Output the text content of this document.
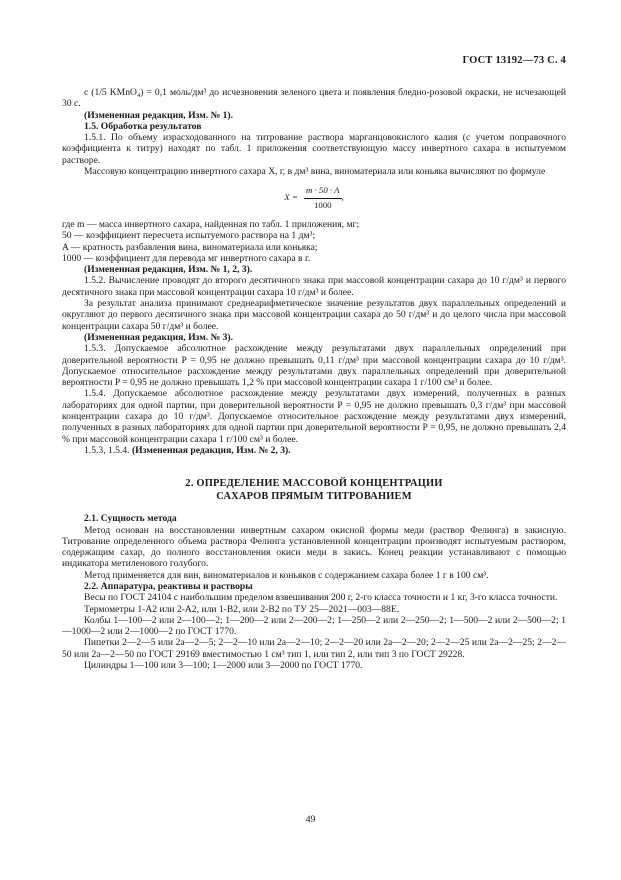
ГОСТ 13192—73 С. 4

с (1/5 KMnO₄) = 0,1 моль/дм³ до исчезновения зеленого цвета и появления бледно-розовой окраски, не исчезающей 30 с.

(Измененная редакция, Изм. № 1).

1.5. Обработка результатов

1.5.1. По объему израсходованного на титрование раствора марганцовокислого калия (с учетом поправочного коэффициента к титру) находят по табл. 1 приложения соответствующую массу инвертного сахара в испытуемом растворе.

Массовую концентрацию инвертного сахара X, г, в дм³ вина, виноматериала или коньяка вычисляют по формуле

$X = \frac{m \cdot 50 \cdot A}{1000}$ ,

где m — масса инвертного сахара, найденная по табл. 1 приложения, мг;

50 — коэффициент пересчета испытуемого раствора на 1 дм³;

A — кратность разбавления вина, виноматериала или коньяка;

1000 — коэффициент для перевода мг инвертного сахара в г.

(Измененная редакция, Изм. № 1, 2, 3).

1.5.2. Вычисление проводят до второго десятичного знака при массовой концентрации сахара до 10 г/дм³ и первого десятичного знака при массовой концентрации сахара 10 г/дм³ и более.

За результат анализа принимают среднеарифметическое значение результатов двух параллельных определений и округляют до первого десятичного знака при массовой концентрации сахара до 50 г/дм³ и до целого числа при массовой концентрации сахара 50 г/дм³ и более.

(Измененная редакция, Изм. № 3).

1.5.3. Допускаемое абсолютное расхождение между результатами двух параллельных определений при доверительной вероятности P = 0,95 не должно превышать 0,11 г/дм³ при массовой концентрации сахара до 10 г/дм³. Допускаемое относительное расхождение между результатами двух параллельных определений при доверительной вероятности P = 0,95 не должно превышать 1,2 % при массовой концентрации сахара 1 г/100 см³ и более.

1.5.4. Допускаемое абсолютное расхождение между результатами двух измерений, полученных в разных лабораториях для одной партии, при доверительной вероятности P = 0,95 не должно превышать 0,3 г/дм³ при массовой концентрации сахара до 10 г/дм³. Допускаемое относительное расхождение между результатами двух измерений, полученных в разных лабораториях для одной партии при доверительной вероятности P = 0,95, не должно превышать 2,4 % при массовой концентрации сахара 1 г/100 см³ и более.

1.5.3, 1.5.4. (Измененная редакция, Изм. № 2, 3).

2. ОПРЕДЕЛЕНИЕ МАССОВОЙ КОНЦЕНТРАЦИИ
САХАРОВ ПРЯМЫМ ТИТРОВАНИЕМ

2.1. Сущность метода

Метод основан на восстановлении инвертным сахаром окисной формы меди (раствор Фелинга) в закисную. Титрование определенного объема раствора Фелинга установленной концентрации производят испытуемым раствором, содержащим сахар, до полного восстановления окиси меди в закись. Конец реакции устанавливают с помощью индикатора метиленового голубого.

Метод применяется для вин, виноматериалов и коньяков с содержанием сахара более 1 г в 100 см³.

2.2. Аппаратура, реактивы и растворы

Весы по ГОСТ 24104 с наибольшим пределом взвешивания 200 г, 2-го класса точности и 1 кг, 3-го класса точности.

Термометры 1-А2 или 2-А2, или 1-В2, или 2-В2 по ТУ 25—2021—003—88Е.

Колбы 1—100—2 или 2—100—2; 1—200—2 или 2—200—2; 1—250—2 или 2—250—2; 1—500—2 или 2—500—2; 1—1000—2 или 2—1000—2 по ГОСТ 1770.

Пипетки 2—2—5 или 2а—2—5; 2—2—10 или 2а—2—10; 2—2—20 или 2а—2—20; 2—2—25 или 2а—2—25; 2—2—50 или 2а—2—50 по ГОСТ 29169 вместимостью 1 см³ тип 1, или тип 2, или тип 3 по ГОСТ 29228.

Цилиндры 1—100 или 3—100; 1—2000 или 3—2000 по ГОСТ 1770.

49
